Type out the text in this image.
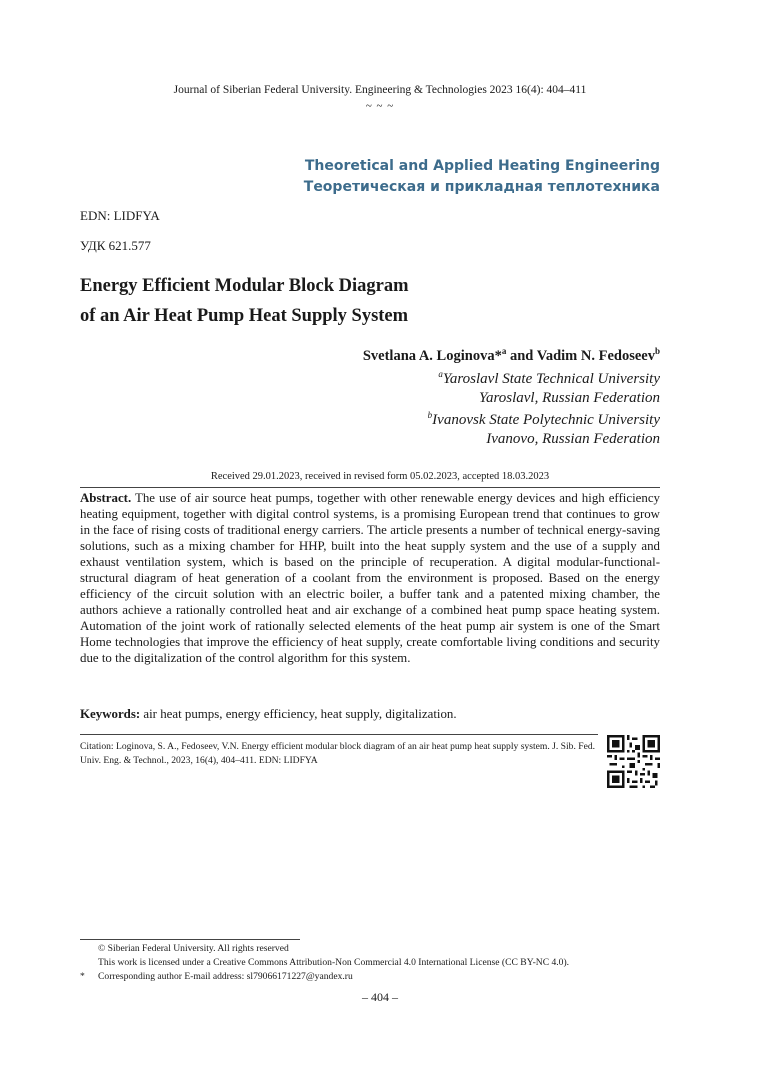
Journal of Siberian Federal University. Engineering & Technologies 2023 16(4): 404–411
~ ~ ~
Theoretical and Applied Heating Engineering
Теоретическая и прикладная теплотехника
EDN: LIDFYA
УДК 621.577
Energy Efficient Modular Block Diagram
of an Air Heat Pump Heat Supply System
Svetlana A. Loginova*$^a$ and Vadim N. Fedoseev$^b$
$^a$Yaroslavl State Technical University
Yaroslavl, Russian Federation
$^b$Ivanovsk State Polytechnic University
Ivanovo, Russian Federation
Received 29.01.2023, received in revised form 05.02.2023, accepted 18.03.2023
Abstract. The use of air source heat pumps, together with other renewable energy devices and high efficiency heating equipment, together with digital control systems, is a promising European trend that continues to grow in the face of rising costs of traditional energy carriers. The article presents a number of technical energy-saving solutions, such as a mixing chamber for HHP, built into the heat supply system and the use of a supply and exhaust ventilation system, which is based on the principle of recuperation. A digital modular-functional-structural diagram of heat generation of a coolant from the environment is proposed. Based on the energy efficiency of the circuit solution with an electric boiler, a buffer tank and a patented mixing chamber, the authors achieve a rationally controlled heat and air exchange of a combined heat pump space heating system. Automation of the joint work of rationally selected elements of the heat pump air system is one of the Smart Home technologies that improve the efficiency of heat supply, create comfortable living conditions and security due to the digitalization of the control algorithm for this system.
Keywords: air heat pumps, energy efficiency, heat supply, digitalization.
Citation: Loginova, S. A., Fedoseev, V.N. Energy efficient modular block diagram of an air heat pump heat supply system. J. Sib. Fed. Univ. Eng. & Technol., 2023, 16(4), 404–411. EDN: LIDFYA
© Siberian Federal University. All rights reserved
This work is licensed under a Creative Commons Attribution-Non Commercial 4.0 International License (CC BY-NC 4.0).
* Corresponding author E-mail address: sl79066171227@yandex.ru
– 404 –
